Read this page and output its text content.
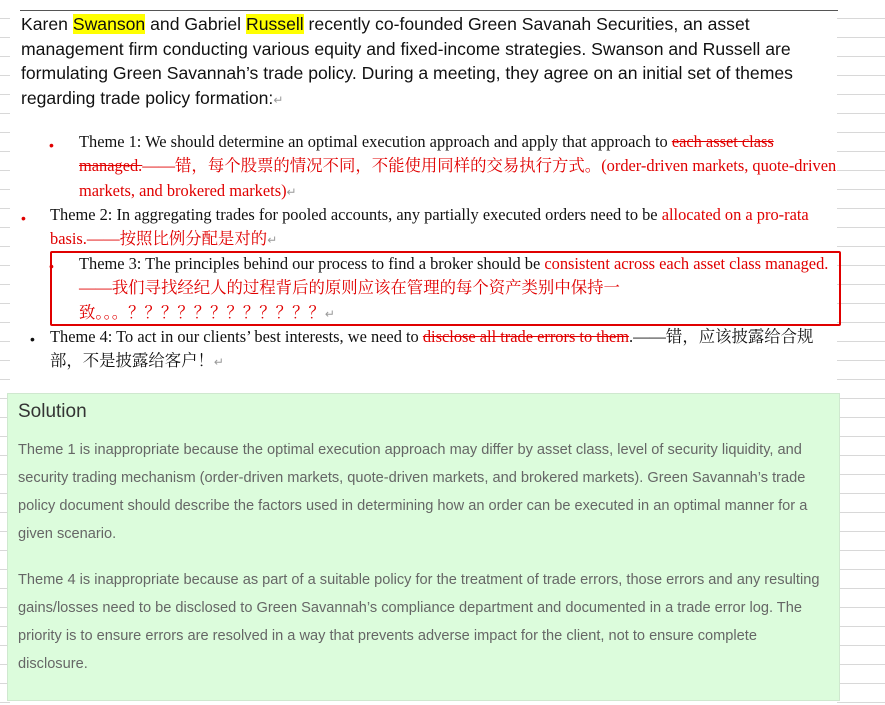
Karen Swanson and Gabriel Russell recently co-founded Green Savanah Securities, an asset management firm conducting various equity and fixed-income strategies. Swanson and Russell are formulating Green Savannah’s trade policy. During a meeting, they agree on an initial set of themes regarding trade policy formation:↵
• Theme 1: We should determine an optimal execution approach and apply that approach to each asset class managed.——错，每个股票的情况不同，不能使用同样的交易执行方式。(order-driven markets, quote-driven markets, and brokered markets)↵
• Theme 2: In aggregating trades for pooled accounts, any partially executed orders need to be allocated on a pro-rata basis.——按照比例分配是对的↵
• Theme 3: The principles behind our process to find a broker should be consistent across each asset class managed.——我们寻找经纪人的过程背后的原则应该在管理的每个资产类别中保持一致。。。？？？？？？？？？？？？↵
• Theme 4: To act in our clients’ best interests, we need to disclose all trade errors to them.——错，应该披露给合规部，不是披露给客户！↵
Solution
Theme 1 is inappropriate because the optimal execution approach may differ by asset class, level of security liquidity, and security trading mechanism (order-driven markets, quote-driven markets, and brokered markets). Green Savannah’s trade policy document should describe the factors used in determining how an order can be executed in an optimal manner for a given scenario.
Theme 4 is inappropriate because as part of a suitable policy for the treatment of trade errors, those errors and any resulting gains/losses need to be disclosed to Green Savannah’s compliance department and documented in a trade error log. The priority is to ensure errors are resolved in a way that prevents adverse impact for the client, not to ensure complete disclosure.
